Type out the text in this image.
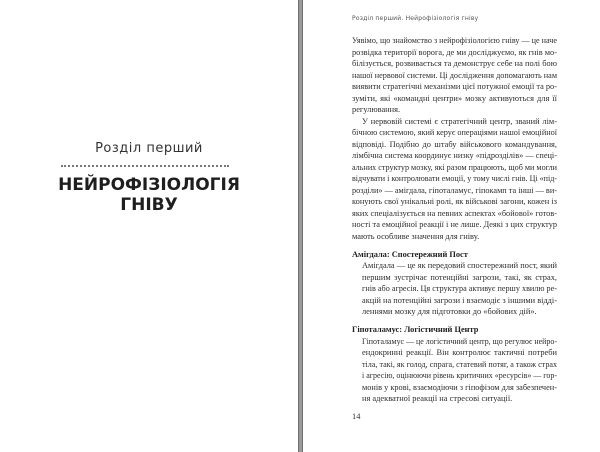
Розділ перший
НЕЙРОФІЗІОЛОГІЯ
ГНІВУ
Розділ перший. Нейрофізіологія гніву
Уявімо, що знайомство з нейрофізіологією гніву — це наче
розвідка території ворога, де ми досліджуємо, як гнів мо-
білізується, розвивається та демонструє себе на полі бою
нашої нервової системи. Ці дослідження допомагають нам
виявити стратегічні механізми цієї потужної емоції та ро-
зуміти, які «командні центри» мозку активуються для її
регулювання.
У нервовій системі є стратегічний центр, званий лім-
бічною системою, який керує операціями нашої емоційної
відповіді. Подібно до штабу військового командування,
лімбічна система координує низку «підрозділів» — спеці-
альних структур мозку, які разом працюють, щоб ми могли
відчувати і контролювати емоції, у тому числі гнів. Ці «під-
розділи» — амігдала, гіпоталамус, гіпокамп та інші — ви-
конують свої унікальні ролі, як військові загони, кожен із
яких спеціалізується на певних аспектах «бойової» готов-
ності та емоційної реакції і не лише. Деякі з цих структур
мають особливе значення для гніву.
Амігдала: Спостережний Пост
Амігдала — це як передовий спостережний пост, який
першим зустрічає потенційні загрози, такі, як страх,
гнів або агресія. Ця структура активує першу хвилю ре-
акцій на потенційні загрози і взаємодіє з іншими відді-
леннями мозку для підготовки до «бойових дій».
Гіпоталамус: Логістичний Центр
Гіпоталамус — це логістичний центр, що регулює нейро-
ендокринні реакції. Він контролює тактичні потреби
тіла, такі, як голод, спрага, статевий потяг, а також страх
і агресію, оцінюючи рівень критичних «ресурсів» — гор-
монів у крові, взаємодіючи з гіпофізом для забезпечен-
ня адекватної реакції на стресові ситуації.
14
